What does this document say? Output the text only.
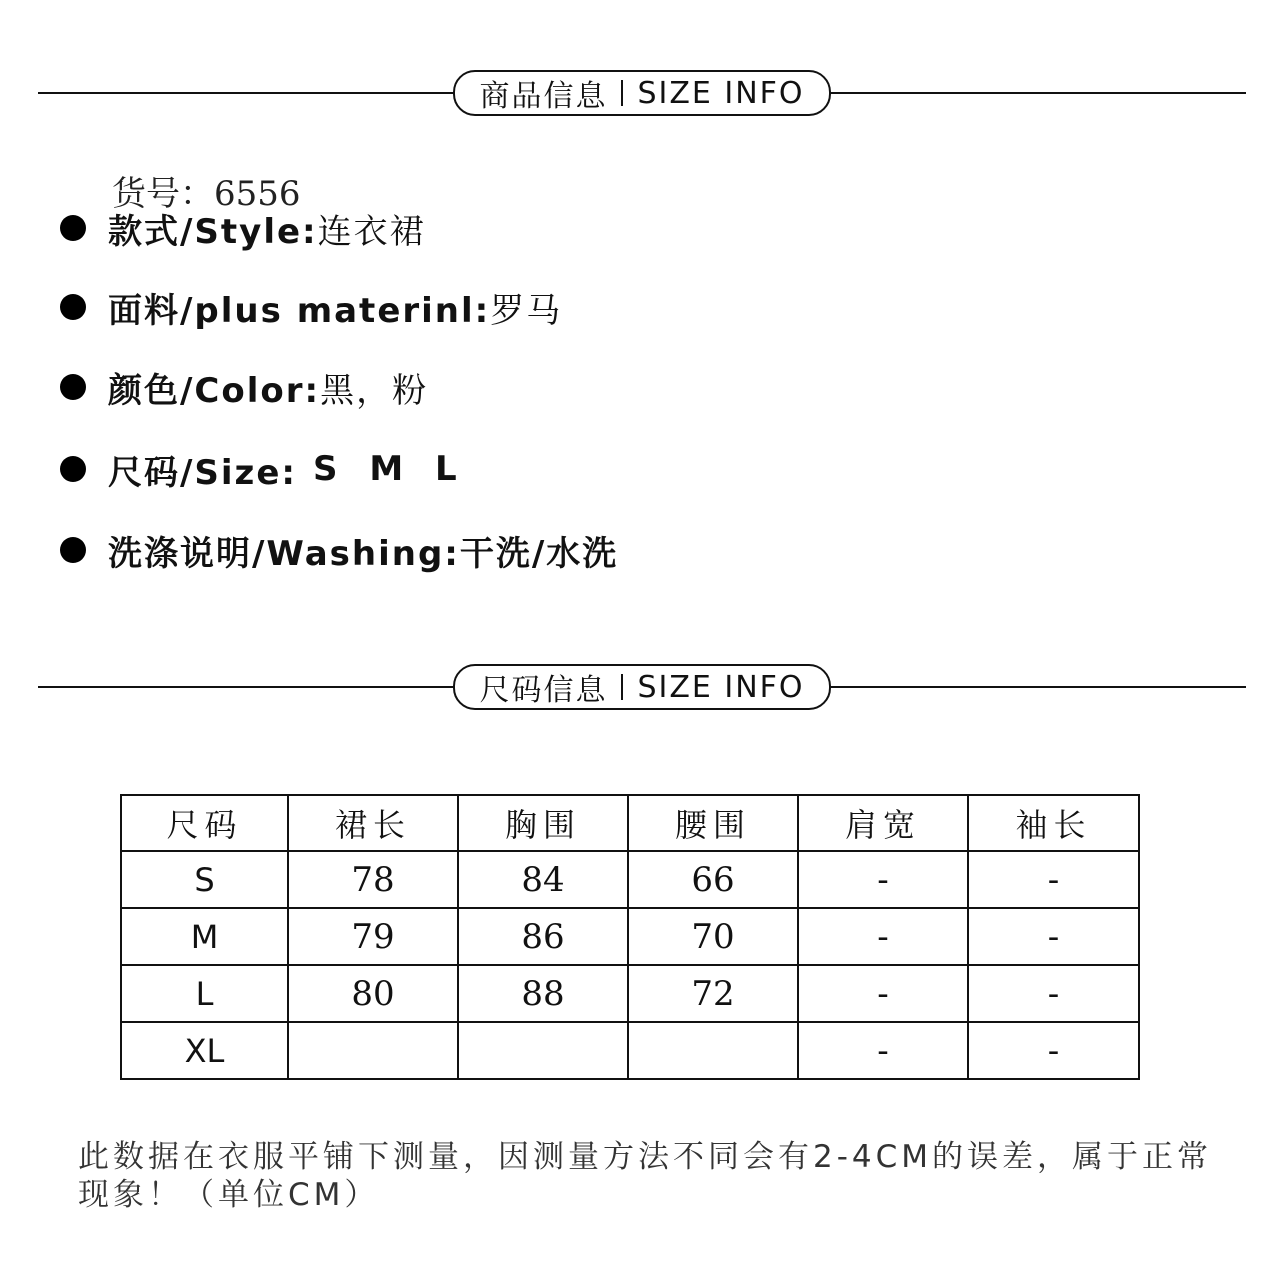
商品信息 SIZE INFO
货号：6556
款式/Style: 连衣裙
面料/plus materinl: 罗马
颜色/Color: 黑，粉
尺码/Size: S M L
洗涤说明/Washing: 干洗/水洗
尺码信息 SIZE INFO
尺码	裙长	胸围	腰围	肩宽	袖长
S	78	84	66	-	-
M	79	86	70	-	-
L	80	88	72	-	-
XL				-	-
此数据在衣服平铺下测量，因测量方法不同会有2-4CM的误差，属于正常现象！（单位CM）
